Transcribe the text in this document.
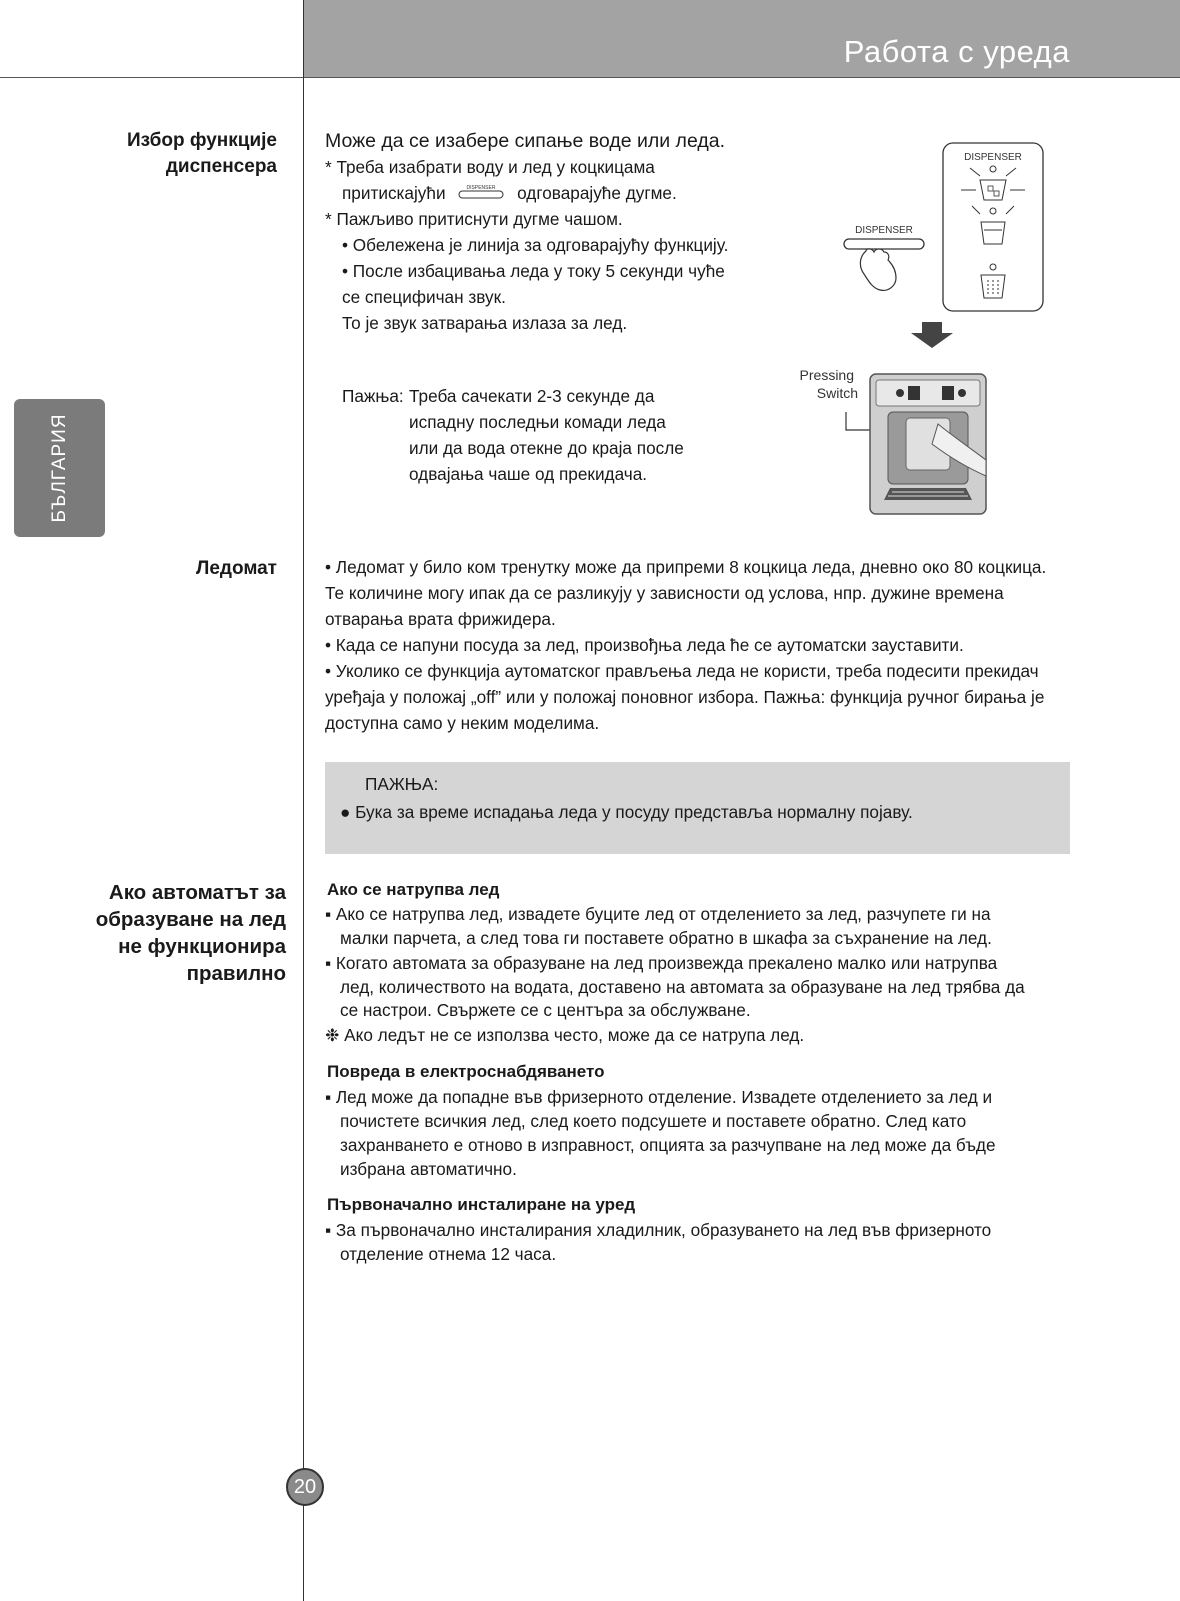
Работа с уреда
БЪЛГАРИЯ
Избор функције
диспенсера
Може да се изабере сипање воде или леда.
* Треба изабрати воду и лед у коцкицама
притискајући	DISPENSER одговарајуће дугме.
* Пажљиво притиснути дугме чашом.
• Обележена је линија за одговарајућу функцију.
• После избацивања леда у току 5 секунди чуће
се специфичан звук.
То је звук затварања излаза за лед.
Пажња: Треба сачекати 2-3 секунде да
испадну последњи комади леда
или да вода отекне до краја после
одвајања чаше од прекидача.
DISPENSER
DISPENSER
Pressing
Switch
Ледомат	• Ледомат у било ком тренутку може да припреми 8 коцкица леда, дневно око 80 коцкица.
Те количине могу ипак да се разликују у зависности од услова, нпр. дужине времена
отварања врата фрижидера.
• Када се напуни посуда за лед, произвођња леда ће се аутоматски зауставити.
• Уколико се функција аутоматског прављења леда не користи, треба подесити прекидач
уређаја у положај „off” или у положај поновног избора. Пажња: функција ручног бирања је
доступна само у неким моделима.
ПАЖЊА:
● Бука за време испадања леда у посуду представља нормалну појаву.
Ако автоматът за
образуване на лед
не функционира
правилно
Ако се натрупва лед
▪ Ако се натрупва лед, извадете буците лед от отделението за лед, разчупете ги на
малки парчета, а след това ги поставете обратно в шкафа за съхранение на лед.
▪ Когато автомата за образуване на лед произвежда прекалено малко или натрупва
лед, количеството на водата, доставено на автомата за образуване на лед трябва да
се настрои. Свържете се с центъра за обслужване.
❉ Ако ледът не се използва често, може да се натрупа лед.
Повреда в електроснабдяването
▪ Лед може да попадне във фризерното отделение. Извадете отделението за лед и
почистете всичкия лед, след което подсушете и поставете обратно. След като
захранването е отново в изправност, опцията за разчупване на лед може да бъде
избрана автоматично.
Първоначално инсталиране на уред
▪ За първоначално инсталирания хладилник, образуването на лед във фризерното
отделение отнема 12 часа.
20
